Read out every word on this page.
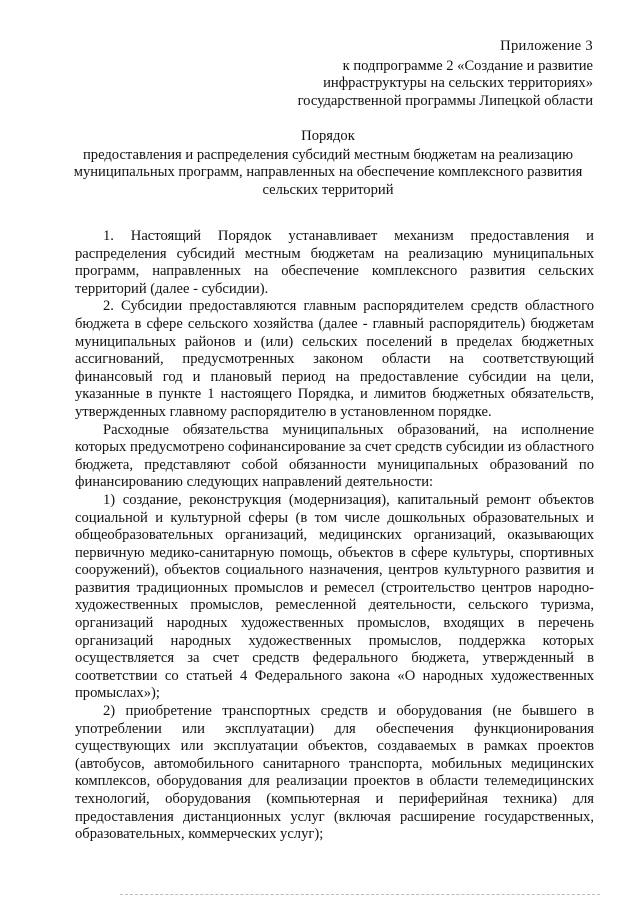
Приложение 3
к подпрограмме 2 «Создание и развитие
инфраструктуры на сельских территориях»
государственной программы Липецкой области
Порядок
предоставления и распределения субсидий местным бюджетам на реализацию муниципальных программ, направленных на обеспечение комплексного развития сельских территорий

1. Настоящий Порядок устанавливает механизм предоставления и распределения субсидий местным бюджетам на реализацию муниципальных программ, направленных на обеспечение комплексного развития сельских территорий (далее - субсидии).

2. Субсидии предоставляются главным распорядителем средств областного бюджета в сфере сельского хозяйства (далее - главный распорядитель) бюджетам муниципальных районов и (или) сельских поселений в пределах бюджетных ассигнований, предусмотренных законом области на соответствующий финансовый год и плановый период на предоставление субсидии на цели, указанные в пункте 1 настоящего Порядка, и лимитов бюджетных обязательств, утвержденных главному распорядителю в установленном порядке.

Расходные обязательства муниципальных образований, на исполнение которых предусмотрено софинансирование за счет средств субсидии из областного бюджета, представляют собой обязанности муниципальных образований по финансированию следующих направлений деятельности:

1) создание, реконструкция (модернизация), капитальный ремонт объектов социальной и культурной сферы (в том числе дошкольных образовательных и общеобразовательных организаций, медицинских организаций, оказывающих первичную медико-санитарную помощь, объектов в сфере культуры, спортивных сооружений), объектов социального назначения, центров культурного развития и развития традиционных промыслов и ремесел (строительство центров народно-художественных промыслов, ремесленной деятельности, сельского туризма, организаций народных художественных промыслов, входящих в перечень организаций народных художественных промыслов, поддержка которых осуществляется за счет средств федерального бюджета, утвержденный в соответствии со статьей 4 Федерального закона «О народных художественных промыслах»);

2) приобретение транспортных средств и оборудования (не бывшего в употреблении или эксплуатации) для обеспечения функционирования существующих или эксплуатации объектов, создаваемых в рамках проектов (автобусов, автомобильного санитарного транспорта, мобильных медицинских комплексов, оборудования для реализации проектов в области телемедицинских технологий, оборудования (компьютерная и периферийная техника) для предоставления дистанционных услуг (включая расширение государственных, образовательных, коммерческих услуг);
